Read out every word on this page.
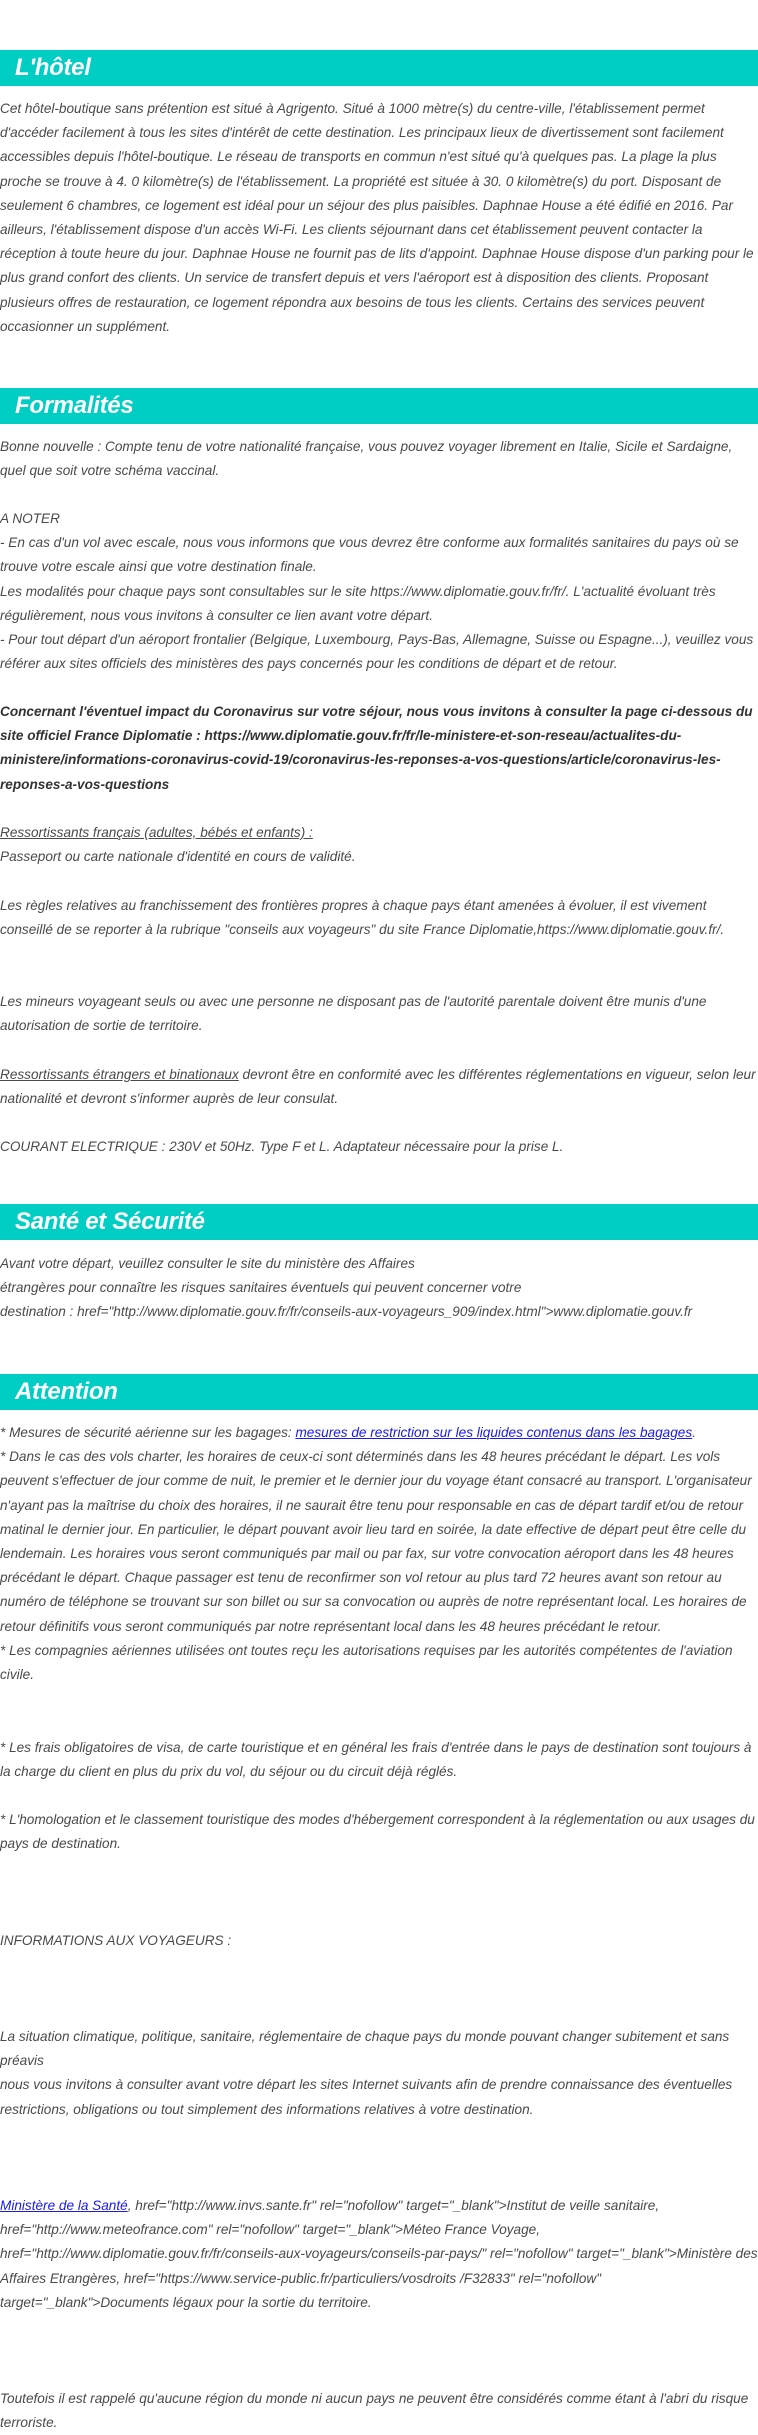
L'hôtel

Cet hôtel-boutique sans prétention est situé à Agrigento. Situé à 1000 mètre(s) du centre-ville, l'établissement permet d'accéder facilement à tous les sites d'intérêt de cette destination. Les principaux lieux de divertissement sont facilement accessibles depuis l'hôtel-boutique. Le réseau de transports en commun n'est situé qu'à quelques pas. La plage la plus proche se trouve à 4. 0 kilomètre(s) de l'établissement. La propriété est située à 30. 0 kilomètre(s) du port. Disposant de seulement 6 chambres, ce logement est idéal pour un séjour des plus paisibles. Daphnae House a été édifié en 2016. Par ailleurs, l'établissement dispose d'un accès Wi-Fi. Les clients séjournant dans cet établissement peuvent contacter la réception à toute heure du jour. Daphnae House ne fournit pas de lits d'appoint. Daphnae House dispose d'un parking pour le plus grand confort des clients. Un service de transfert depuis et vers l'aéroport est à disposition des clients. Proposant plusieurs offres de restauration, ce logement répondra aux besoins de tous les clients. Certains des services peuvent occasionner un supplément.

Formalités

Bonne nouvelle : Compte tenu de votre nationalité française, vous pouvez voyager librement en Italie, Sicile et Sardaigne, quel que soit votre schéma vaccinal.

A NOTER

- En cas d'un vol avec escale, nous vous informons que vous devrez être conforme aux formalités sanitaires du pays où se trouve votre escale ainsi que votre destination finale.

Les modalités pour chaque pays sont consultables sur le site https://www.diplomatie.gouv.fr/fr/. L'actualité évoluant très régulièrement, nous vous invitons à consulter ce lien avant votre départ.

- Pour tout départ d'un aéroport frontalier (Belgique, Luxembourg, Pays-Bas, Allemagne, Suisse ou Espagne...), veuillez vous référer aux sites officiels des ministères des pays concernés pour les conditions de départ et de retour.

Concernant l'éventuel impact du Coronavirus sur votre séjour, nous vous invitons à consulter la page ci-dessous du site officiel France Diplomatie : https://www.diplomatie.gouv.fr/fr/le-ministere-et-son-reseau/actualites-du-ministere/informations-coronavirus-covid-19/coronavirus-les-reponses-a-vos-questions/article/coronavirus-les-reponses-a-vos-questions

Ressortissants français (adultes, bébés et enfants) :

Passeport ou carte nationale d'identité en cours de validité.

Les règles relatives au franchissement des frontières propres à chaque pays étant amenées à évoluer, il est vivement conseillé de se reporter à la rubrique "conseils aux voyageurs" du site France Diplomatie,https://www.diplomatie.gouv.fr/.

Les mineurs voyageant seuls ou avec une personne ne disposant pas de l'autorité parentale doivent être munis d'une autorisation de sortie de territoire.

Ressortissants étrangers et binationaux devront être en conformité avec les différentes réglementations en vigueur, selon leur nationalité et devront s'informer auprès de leur consulat.

COURANT ELECTRIQUE : 230V et 50Hz. Type F et L. Adaptateur nécessaire pour la prise L.

Santé et Sécurité

Avant votre départ, veuillez consulter le site du ministère des Affaires

étrangères pour connaître les risques sanitaires éventuels qui peuvent concerner votre

destination : href="http://www.diplomatie.gouv.fr/fr/conseils-aux-voyageurs_909/index.html">www.diplomatie.gouv.fr

Attention

* Mesures de sécurité aérienne sur les bagages: mesures de restriction sur les liquides contenus dans les bagages.

* Dans le cas des vols charter, les horaires de ceux-ci sont déterminés dans les 48 heures précédant le départ. Les vols peuvent s'effectuer de jour comme de nuit, le premier et le dernier jour du voyage étant consacré au transport. L'organisateur n'ayant pas la maîtrise du choix des horaires, il ne saurait être tenu pour responsable en cas de départ tardif et/ou de retour matinal le dernier jour. En particulier, le départ pouvant avoir lieu tard en soirée, la date effective de départ peut être celle du lendemain. Les horaires vous seront communiqués par mail ou par fax, sur votre convocation aéroport dans les 48 heures précédant le départ. Chaque passager est tenu de reconfirmer son vol retour au plus tard 72 heures avant son retour au numéro de téléphone se trouvant sur son billet ou sur sa convocation ou auprès de notre représentant local. Les horaires de retour définitifs vous seront communiqués par notre représentant local dans les 48 heures précédant le retour.

* Les compagnies aériennes utilisées ont toutes reçu les autorisations requises par les autorités compétentes de l'aviation civile.

* Les frais obligatoires de visa, de carte touristique et en général les frais d'entrée dans le pays de destination sont toujours à la charge du client en plus du prix du vol, du séjour ou du circuit déjà réglés.

* L'homologation et le classement touristique des modes d'hébergement correspondent à la réglementation ou aux usages du pays de destination.

INFORMATIONS AUX VOYAGEURS :

La situation climatique, politique, sanitaire, réglementaire de chaque pays du monde pouvant changer subitement et sans préavis

nous vous invitons à consulter avant votre départ les sites Internet suivants afin de prendre connaissance des éventuelles restrictions, obligations ou tout simplement des informations relatives à votre destination.

Ministère de la Santé, href="http://www.invs.sante.fr" rel="nofollow" target="_blank">Institut de veille sanitaire, href="http://www.meteofrance.com" rel="nofollow" target="_blank">Méteo France Voyage, href="http://www.diplomatie.gouv.fr/fr/conseils-aux-voyageurs/conseils-par-pays/" rel="nofollow" target="_blank">Ministère des Affaires Etrangères, href="https://www.service-public.fr/particuliers/vosdroits /F32833" rel="nofollow" target="_blank">Documents légaux pour la sortie du territoire.

Toutefois il est rappelé qu'aucune région du monde ni aucun pays ne peuvent être considérés comme étant à l'abri du risque terroriste.
